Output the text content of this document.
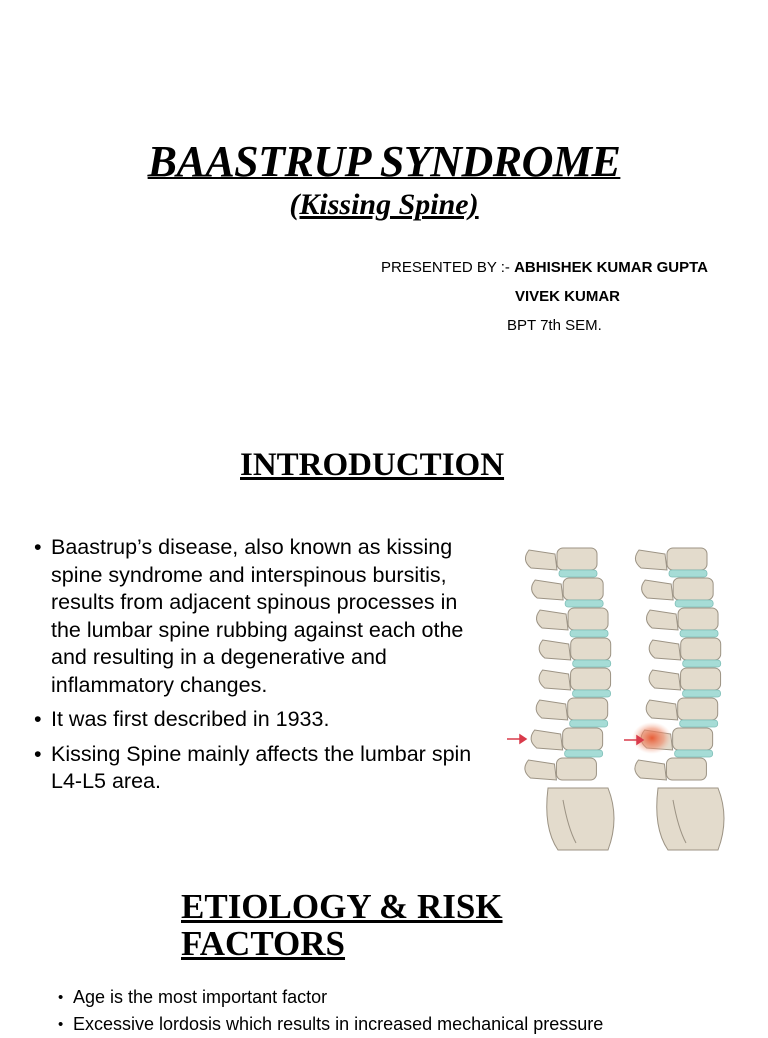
BAASTRUP SYNDROME
(Kissing Spine)
PRESENTED BY :- ABHISHEK KUMAR GUPTA
VIVEK KUMAR
BPT 7th SEM.
INTRODUCTION
• Baastrup’s disease, also known as kissing
spine syndrome and interspinous bursitis,
results from adjacent spinous processes in
the lumbar spine rubbing against each othe
and resulting in a degenerative and
inflammatory changes.
• It was first described in 1933.
• Kissing Spine mainly affects the lumbar spin
L4-L5 area.
ETIOLOGY & RISK FACTORS
• Age is the most important factor
• Excessive lordosis which results in increased mechanical pressure
